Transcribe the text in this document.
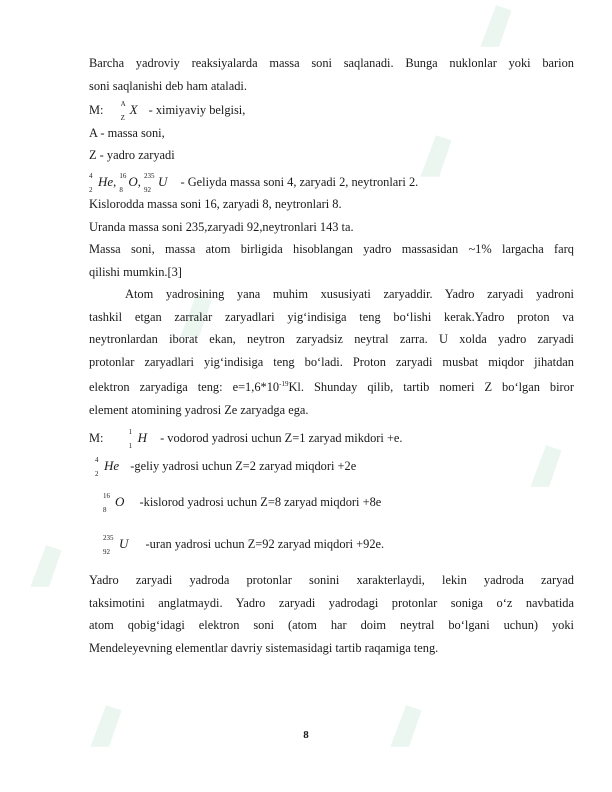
Barcha yadroviy reaksiyalarda massa soni saqlanadi. Bunga nuklonlar yoki barion
soni saqlanishi deb ham ataladi.

M: A
Z
X - ximiyaviy belgisi,
A - massa soni,
Z - yadro zaryadi
4
2
He, 16
8
O, 235
92
U - Geliyda massa soni 4, zaryadi 2, neytronlari 2.
Kislorodda massa soni 16, zaryadi 8, neytronlari 8.
Uranda massa soni 235,zaryadi 92,neytronlari 143 ta.

Massa soni, massa atom birligida hisoblangan yadro massasidan ~1% largacha farq
qilishi mumkin.[3]

Atom yadrosining yana muhim xususiyati zaryaddir. Yadro zaryadi yadroni
tashkil etgan zarralar zaryadlari yig‘indisiga teng bo‘lishi kerak.Yadro proton va
neytronlardan iborat ekan, neytron zaryadsiz neytral zarra. U xolda yadro zaryadi
protonlar zaryadlari yig‘indisiga teng bo‘ladi. Proton zaryadi musbat miqdor jihatdan
elektron zaryadiga teng: $e=1,6*10^{-19}Kl$. Shunday qilib, tartib nomeri Z bo‘lgan biror
element atomining yadrosi Ze zaryadga ega.

M:	1
1
H - vodorod yadrosi uchun Z=1 zaryad mikdori +e.
4
2
He -geliy yadrosi uchun Z=2 zaryad miqdori +2e
16
8
O -kislorod yadrosi uchun Z=8 zaryad miqdori +8e
235
92
U -uran yadrosi uchun Z=92 zaryad miqdori +92e.

Yadro zaryadi yadroda protonlar sonini xarakterlaydi, lekin yadroda zaryad
taksimotini anglatmaydi. Yadro zaryadi yadrodagi protonlar soniga o‘z navbatida
atom qobig‘idagi elektron soni (atom har doim neytral bo‘lgani uchun) yoki
Mendeleyevning elementlar davriy sistemasidagi tartib raqamiga teng.

8
